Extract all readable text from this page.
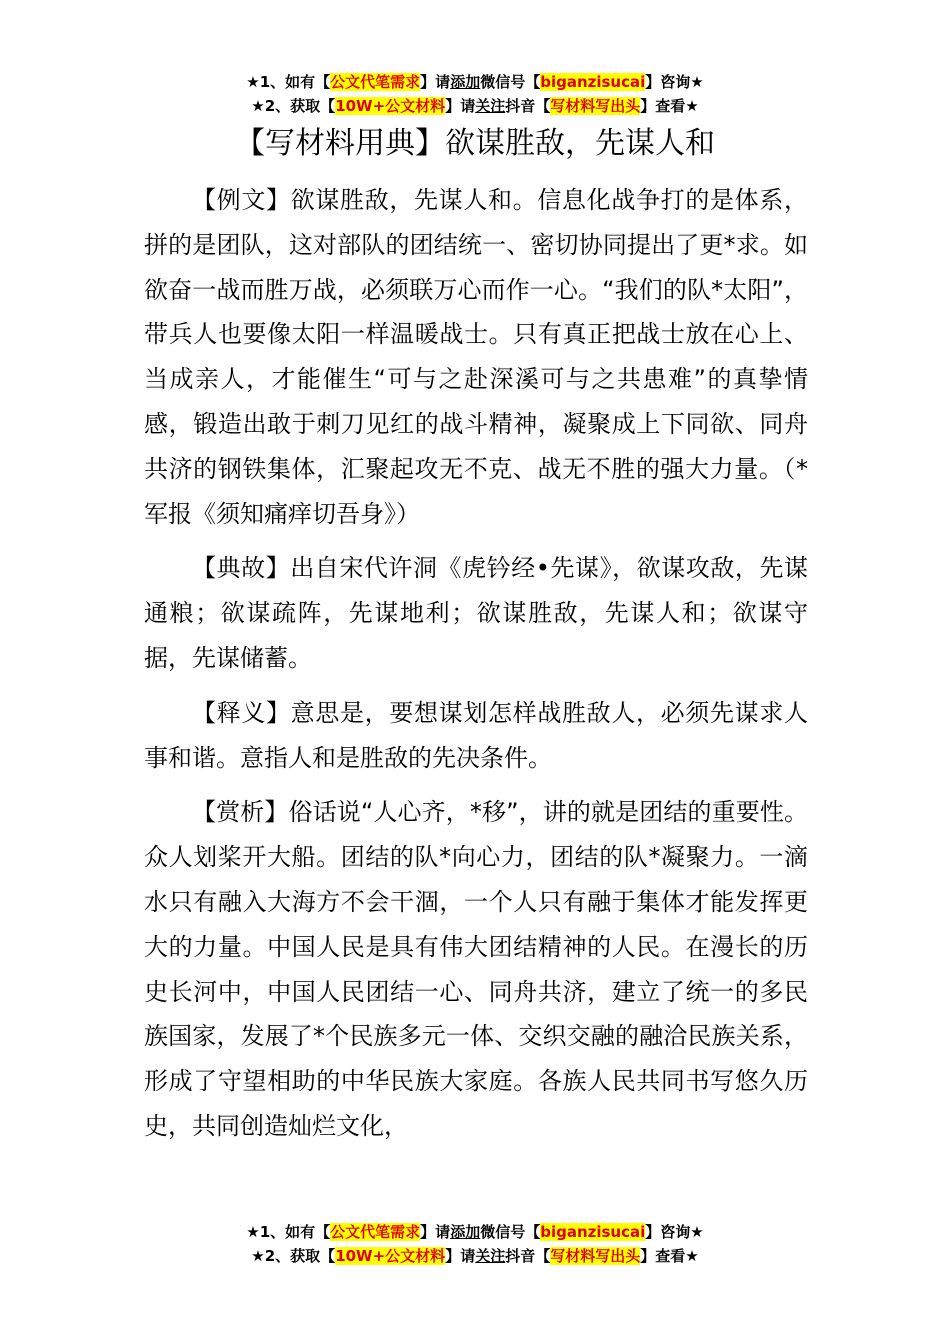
★1、如有【公文代笔需求】请添加微信号【biganzisucai】咨询★
★2、获取【10W+公文材料】请关注抖音【写材料写出头】查看★
【写材料用典】欲谋胜敌，先谋人和

【例文】欲谋胜敌，先谋人和。信息化战争打的是体系，拼的是团队，这对部队的团结统一、密切协同提出了更*求。如欲奋一战而胜万战，必须联万心而作一心。“我们的队*太阳”，带兵人也要像太阳一样温暖战士。只有真正把战士放在心上、当成亲人，才能催生“可与之赴深溪可与之共患难”的真挚情感，锻造出敢于刺刀见红的战斗精神，凝聚成上下同欲、同舟共济的钢铁集体，汇聚起攻无不克、战无不胜的强大力量。（*军报《须知痛痒切吾身》）

【典故】出自宋代许洞《虎钤经•先谋》，欲谋攻敌，先谋通粮；欲谋疏阵，先谋地利；欲谋胜敌，先谋人和；欲谋守据，先谋储蓄。

【释义】意思是，要想谋划怎样战胜敌人，必须先谋求人事和谐。意指人和是胜敌的先决条件。

【赏析】俗话说“人心齐，*移”，讲的就是团结的重要性。众人划桨开大船。团结的队*向心力，团结的队*凝聚力。一滴水只有融入大海方不会干涸，一个人只有融于集体才能发挥更大的力量。中国人民是具有伟大团结精神的人民。在漫长的历史长河中，中国人民团结一心、同舟共济，建立了统一的多民族国家，发展了*个民族多元一体、交织交融的融洽民族关系，形成了守望相助的中华民族大家庭。各族人民共同书写悠久历史，共同创造灿烂文化，

★1、如有【公文代笔需求】请添加微信号【biganzisucai】咨询★
★2、获取【10W+公文材料】请关注抖音【写材料写出头】查看★
